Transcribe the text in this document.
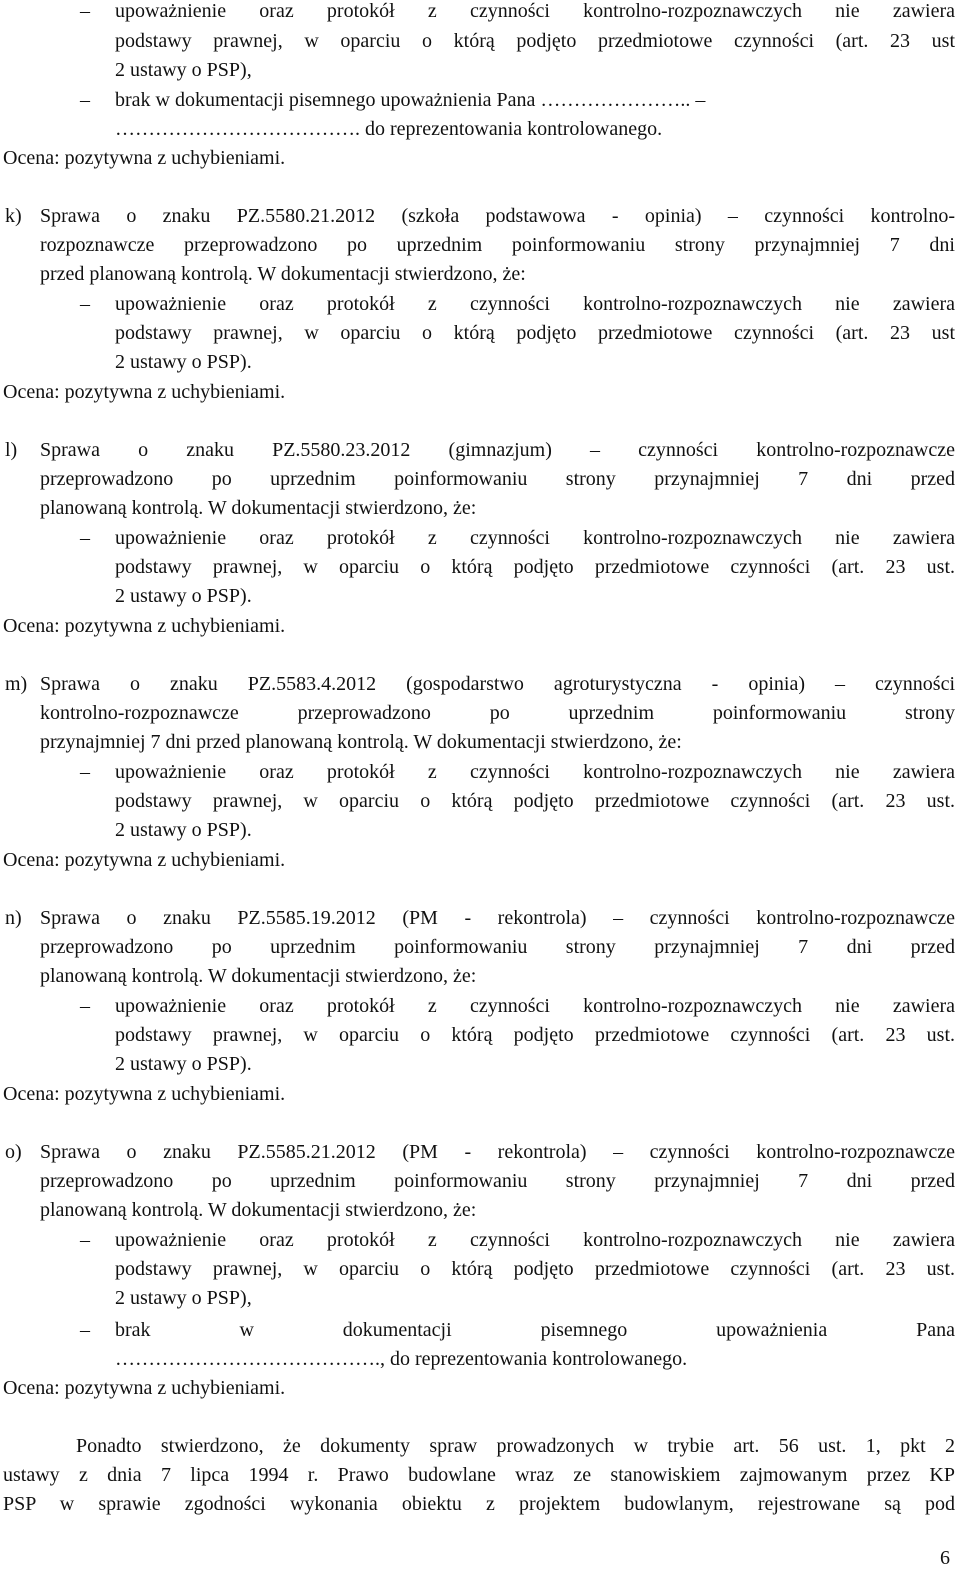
– upoważnienie oraz protokół z czynności kontrolno-rozpoznawczych nie zawiera
podstawy prawnej, w oparciu o którą podjęto przedmiotowe czynności (art. 23 ust
2 ustawy o PSP),
– brak w dokumentacji pisemnego upoważnienia Pana ………………….. –
………………………………. do reprezentowania kontrolowanego.
Ocena: pozytywna z uchybieniami.
k) Sprawa o znaku PZ.5580.21.2012 (szkoła podstawowa - opinia) – czynności kontrolno-
rozpoznawcze przeprowadzono po uprzednim poinformowaniu strony przynajmniej 7 dni
przed planowaną kontrolą. W dokumentacji stwierdzono, że:
– upoważnienie oraz protokół z czynności kontrolno-rozpoznawczych nie zawiera
podstawy prawnej, w oparciu o którą podjęto przedmiotowe czynności (art. 23 ust
2 ustawy o PSP).
Ocena: pozytywna z uchybieniami.
l) Sprawa o znaku PZ.5580.23.2012 (gimnazjum) – czynności kontrolno-rozpoznawcze
przeprowadzono po uprzednim poinformowaniu strony przynajmniej 7 dni przed
planowaną kontrolą. W dokumentacji stwierdzono, że:
– upoważnienie oraz protokół z czynności kontrolno-rozpoznawczych nie zawiera
podstawy prawnej, w oparciu o którą podjęto przedmiotowe czynności (art. 23 ust.
2 ustawy o PSP).
Ocena: pozytywna z uchybieniami.
m) Sprawa o znaku PZ.5583.4.2012 (gospodarstwo agroturystyczna - opinia) – czynności
kontrolno-rozpoznawcze przeprowadzono po uprzednim poinformowaniu strony
przynajmniej 7 dni przed planowaną kontrolą. W dokumentacji stwierdzono, że:
– upoważnienie oraz protokół z czynności kontrolno-rozpoznawczych nie zawiera
podstawy prawnej, w oparciu o którą podjęto przedmiotowe czynności (art. 23 ust.
2 ustawy o PSP).
Ocena: pozytywna z uchybieniami.
n) Sprawa o znaku PZ.5585.19.2012 (PM - rekontrola) – czynności kontrolno-rozpoznawcze
przeprowadzono po uprzednim poinformowaniu strony przynajmniej 7 dni przed
planowaną kontrolą. W dokumentacji stwierdzono, że:
– upoważnienie oraz protokół z czynności kontrolno-rozpoznawczych nie zawiera
podstawy prawnej, w oparciu o którą podjęto przedmiotowe czynności (art. 23 ust.
2 ustawy o PSP).
Ocena: pozytywna z uchybieniami.
o) Sprawa o znaku PZ.5585.21.2012 (PM - rekontrola) – czynności kontrolno-rozpoznawcze
przeprowadzono po uprzednim poinformowaniu strony przynajmniej 7 dni przed
planowaną kontrolą. W dokumentacji stwierdzono, że:
– upoważnienie oraz protokół z czynności kontrolno-rozpoznawczych nie zawiera
podstawy prawnej, w oparciu o którą podjęto przedmiotowe czynności (art. 23 ust.
2 ustawy o PSP),
– brak w dokumentacji pisemnego upoważnienia Pana
…………………………………., do reprezentowania kontrolowanego.
Ocena: pozytywna z uchybieniami.
Ponadto stwierdzono, że dokumenty spraw prowadzonych w trybie art. 56 ust. 1, pkt 2
ustawy z dnia 7 lipca 1994 r. Prawo budowlane wraz ze stanowiskiem zajmowanym przez KP
PSP w sprawie zgodności wykonania obiektu z projektem budowlanym, rejestrowane są pod
6
